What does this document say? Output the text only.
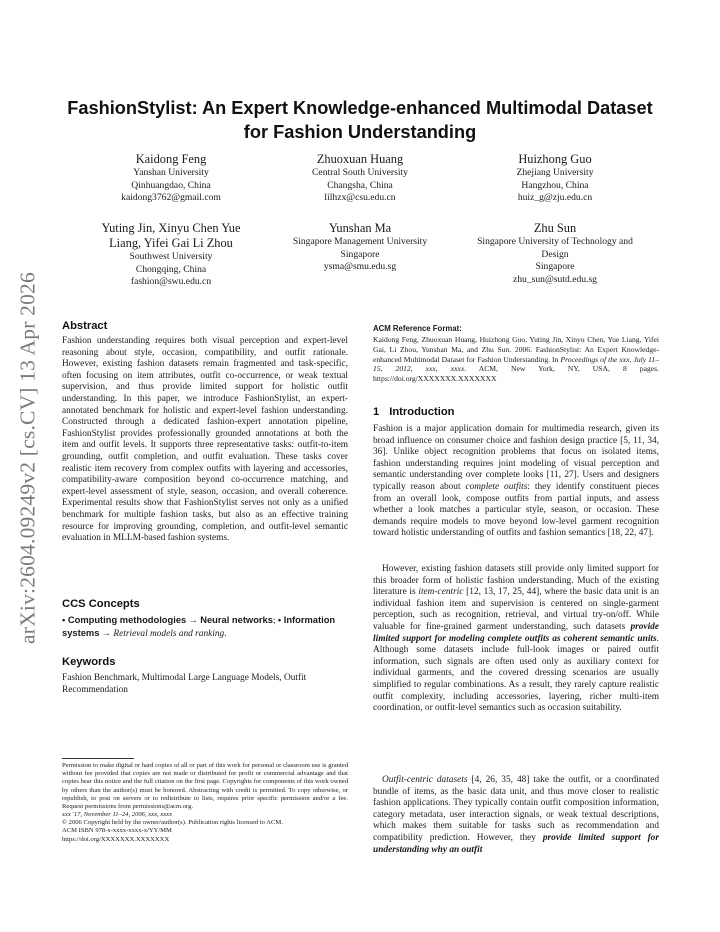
arXiv:2604.09249v2 [cs.CV] 13 Apr 2026
FashionStylist: An Expert Knowledge-enhanced Multimodal Dataset for Fashion Understanding
Kaidong Feng
Yanshan University
Qinhuangdao, China
kaidong3762@gmail.com
Zhuoxuan Huang
Central South University
Changsha, China
lilhzx@csu.edu.cn
Huizhong Guo
Zhejiang University
Hangzhou, China
huiz_g@zju.edu.cn
Yuting Jin, Xinyu Chen Yue Liang, Yifei Gai Li Zhou
Southwest University
Chongqing, China
fashion@swu.edu.cn
Yunshan Ma
Singapore Management University
Singapore
ysma@smu.edu.sg
Zhu Sun
Singapore University of Technology and Design
Singapore
zhu_sun@sutd.edu.sg
Abstract

Fashion understanding requires both visual perception and expert-level reasoning about style, occasion, compatibility, and outfit rationale. However, existing fashion datasets remain fragmented and task-specific, often focusing on item attributes, outfit co-occurrence, or weak textual supervision, and thus provide limited support for holistic outfit understanding. In this paper, we introduce FashionStylist, an expert-annotated benchmark for holistic and expert-level fashion understanding. Constructed through a dedicated fashion-expert annotation pipeline, FashionStylist provides professionally grounded annotations at both the item and outfit levels. It supports three representative tasks: outfit-to-item grounding, outfit completion, and outfit evaluation. These tasks cover realistic item recovery from complex outfits with layering and accessories, compatibility-aware composition beyond co-occurrence matching, and expert-level assessment of style, season, occasion, and overall coherence. Experimental results show that FashionStylist serves not only as a unified benchmark for multiple fashion tasks, but also as an effective training resource for improving grounding, completion, and outfit-level semantic evaluation in MLLM-based fashion systems.

CCS Concepts

• Computing methodologies → Neural networks; • Information systems → Retrieval models and ranking.

Keywords

Fashion Benchmark, Multimodal Large Language Models, Outfit Recommendation

Permission to make digital or hard copies of all or part of this work for personal or classroom use is granted without fee provided that copies are not made or distributed for profit or commercial advantage and that copies bear this notice and the full citation on the first page. Copyrights for components of this work owned by others than the author(s) must be honored. Abstracting with credit is permitted. To copy otherwise, or republish, to post on servers or to redistribute to lists, requires prior specific permission and/or a fee. Request permissions from permissions@acm.org.

xxx '17, November 11–24, 2006, xxx, xxxx
© 2006 Copyright held by the owner/author(s). Publication rights licensed to ACM.
ACM ISBN 978-x-xxxx-xxxx-x/YY/MM
https://doi.org/XXXXXXX.XXXXXXX

ACM Reference Format:

Kaidong Feng, Zhuoxuan Huang, Huizhong Guo, Yuting Jin, Xinyu Chen, Yue Liang, Yifei Gai, Li Zhou, Yunshan Ma, and Zhu Sun. 2006. FashionStylist: An Expert Knowledge-enhanced Multimodal Dataset for Fashion Understanding. In Proceedings of the xxx, July 11–15, 2012, xxx, xxxx. ACM, New York, NY, USA, 8 pages. https://doi.org/XXXXXXX.XXXXXXX

1 Introduction

Fashion is a major application domain for multimedia research, given its broad influence on consumer choice and fashion design practice [5, 11, 34, 36]. Unlike object recognition problems that focus on isolated items, fashion understanding requires joint modeling of visual perception and semantic understanding over complete looks [11, 27]. Users and designers typically reason about complete outfits: they identify constituent pieces from an overall look, compose outfits from partial inputs, and assess whether a look matches a particular style, season, or occasion. These demands require models to move beyond low-level garment recognition toward holistic understanding of outfits and fashion semantics [18, 22, 47].

However, existing fashion datasets still provide only limited support for this broader form of holistic fashion understanding. Much of the existing literature is item-centric [12, 13, 17, 25, 44], where the basic data unit is an individual fashion item and supervision is centered on single-garment perception, such as recognition, retrieval, and virtual try-on/off. While valuable for fine-grained garment understanding, such datasets provide limited support for modeling complete outfits as coherent semantic units. Although some datasets include full-look images or paired outfit information, such signals are often used only as auxiliary context for individual garments, and the covered dressing scenarios are usually simplified to regular combinations. As a result, they rarely capture realistic outfit complexity, including accessories, layering, richer multi-item coordination, or outfit-level semantics such as occasion suitability.

Outfit-centric datasets [4, 26, 35, 48] take the outfit, or a coordinated bundle of items, as the basic data unit, and thus move closer to realistic fashion applications. They typically contain outfit composition information, category metadata, user interaction signals, or weak textual descriptions, which makes them suitable for tasks such as recommendation and compatibility prediction. However, they provide limited support for understanding why an outfit
